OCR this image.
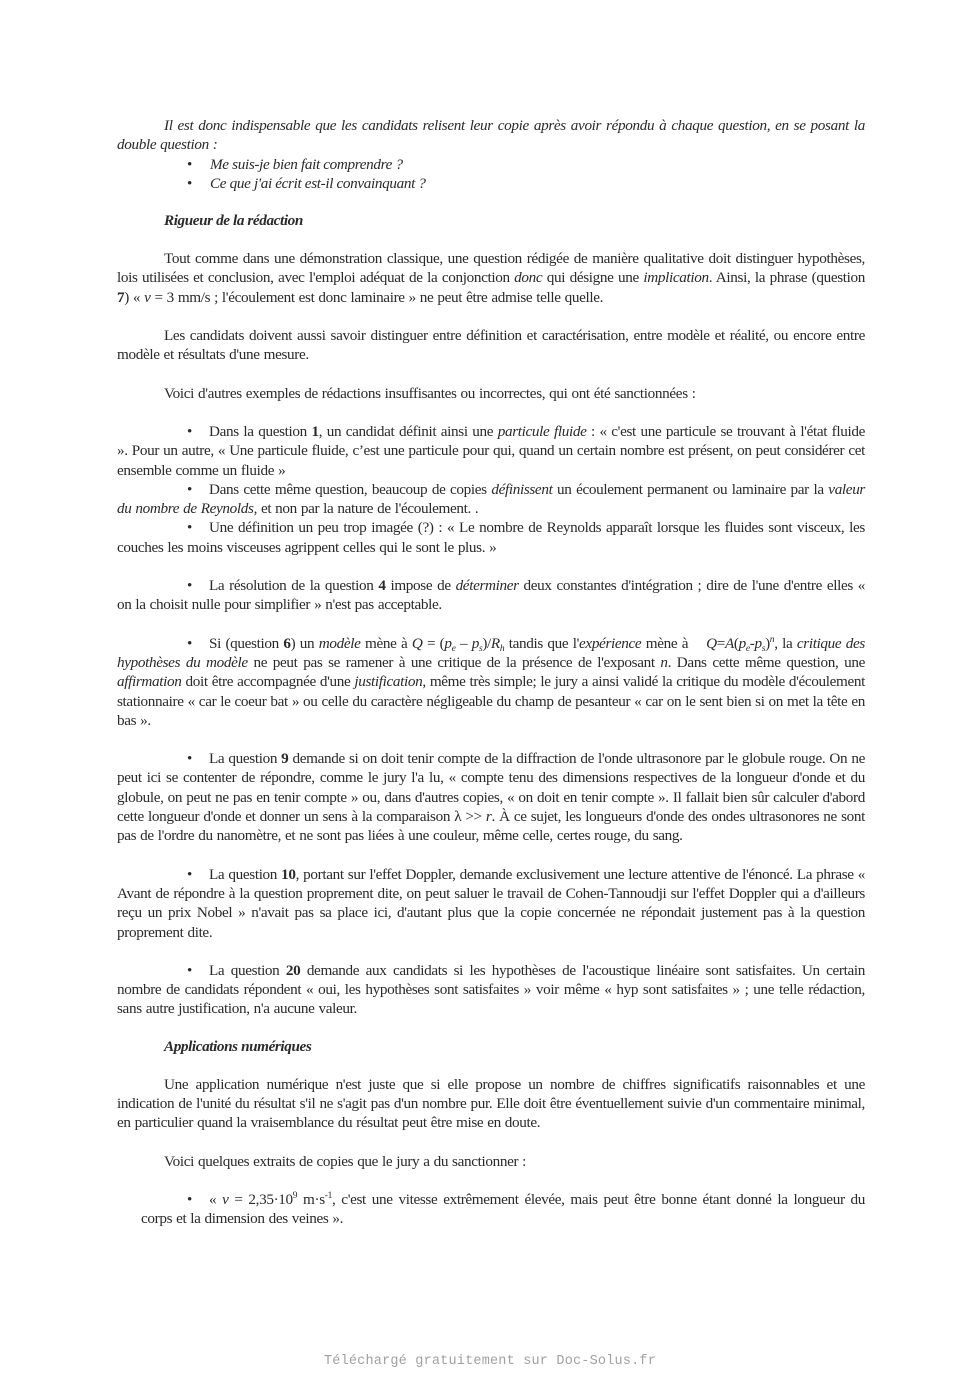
Il est donc indispensable que les candidats relisent leur copie après avoir répondu à chaque question, en se posant la double question :

• Me suis-je bien fait comprendre ?
• Ce que j'ai écrit est-il convainquant ?

Rigueur de la rédaction

Tout comme dans une démonstration classique, une question rédigée de manière qualitative doit distinguer hypothèses, lois utilisées et conclusion, avec l'emploi adéquat de la conjonction donc qui désigne une implication. Ainsi, la phrase (question 7) « v = 3 mm/s ; l'écoulement est donc laminaire » ne peut être admise telle quelle.

Les candidats doivent aussi savoir distinguer entre définition et caractérisation, entre modèle et réalité, ou encore entre modèle et résultats d'une mesure.

Voici d'autres exemples de rédactions insuffisantes ou incorrectes, qui ont été sanctionnées :

• Dans la question 1, un candidat définit ainsi une particule fluide : « c'est une particule se trouvant à l'état fluide ». Pour un autre, « Une particule fluide, c’est une particule pour qui, quand un certain nombre est présent, on peut considérer cet ensemble comme un fluide »

• Dans cette même question, beaucoup de copies définissent un écoulement permanent ou laminaire par la valeur du nombre de Reynolds, et non par la nature de l'écoulement. .

• Une définition un peu trop imagée (?) : « Le nombre de Reynolds apparaît lorsque les fluides sont visceux, les couches les moins visceuses agrippent celles qui le sont le plus. »

• La résolution de la question 4 impose de déterminer deux constantes d'intégration ; dire de l'une d'entre elles « on la choisit nulle pour simplifier » n'est pas acceptable.

• Si (question 6) un modèle mène à $Q = (p_e - p_s)/R_h$ tandis que l'expérience mène à    $Q=A(p_e-p_s)^n$, la critique des hypothèses du modèle ne peut pas se ramener à une critique de la présence de l'exposant n. Dans cette même question, une affirmation doit être accompagnée d'une justification, même très simple; le jury a ainsi validé la critique du modèle d'écoulement stationnaire « car le coeur bat » ou celle du caractère négligeable du champ de pesanteur « car on le sent bien si on met la tête en bas ».

• La question 9 demande si on doit tenir compte de la diffraction de l'onde ultrasonore par le globule rouge. On ne peut ici se contenter de répondre, comme le jury l'a lu, « compte tenu des dimensions respectives de la longueur d'onde et du globule, on peut ne pas en tenir compte » ou, dans d'autres copies, « on doit en tenir compte ». Il fallait bien sûr calculer d'abord cette longueur d'onde et donner un sens à la comparaison λ >> r. À ce sujet, les longueurs d'onde des ondes ultrasonores ne sont pas de l'ordre du nanomètre, et ne sont pas liées à une couleur, même celle, certes rouge, du sang.

• La question 10, portant sur l'effet Doppler, demande exclusivement une lecture attentive de l'énoncé. La phrase « Avant de répondre à la question proprement dite, on peut saluer le travail de Cohen-Tannoudji sur l'effet Doppler qui a d'ailleurs reçu un prix Nobel » n'avait pas sa place ici, d'autant plus que la copie concernée ne répondait justement pas à la question proprement dite.

• La question 20 demande aux candidats si les hypothèses de l'acoustique linéaire sont satisfaites. Un certain nombre de candidats répondent « oui, les hypothèses sont satisfaites » voir même « hyp sont satisfaites » ; une telle rédaction, sans autre justification, n'a aucune valeur.

Applications numériques

Une application numérique n'est juste que si elle propose un nombre de chiffres significatifs raisonnables et une indication de l'unité du résultat s'il ne s'agit pas d'un nombre pur. Elle doit être éventuellement suivie d'un commentaire minimal, en particulier quand la vraisemblance du résultat peut être mise en doute.

Voici quelques extraits de copies que le jury a du sanctionner :

• « $v = 2,35\cdot 10^9$ $m\cdot s^{-1}$, c'est une vitesse extrêmement élevée, mais peut être bonne étant donné la longueur du corps et la dimension des veines ».

Téléchargé gratuitement sur Doc-Solus.fr
